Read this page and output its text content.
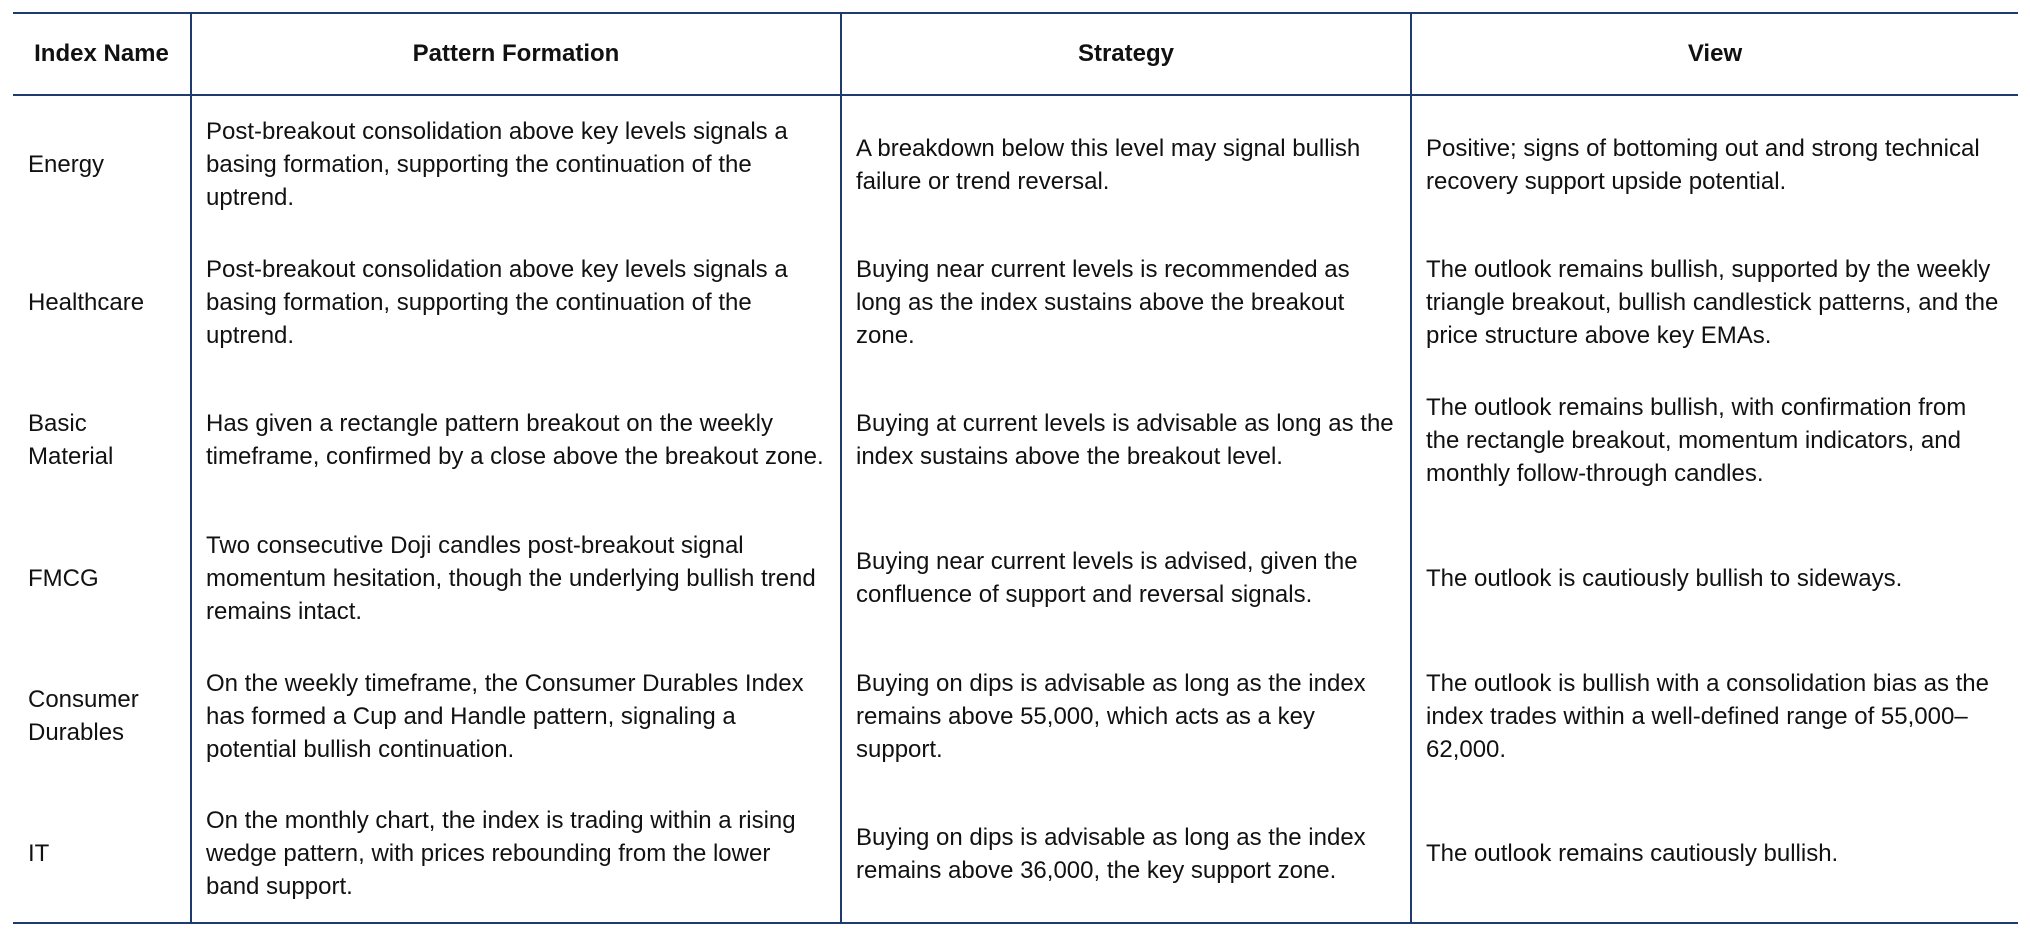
Index Name	Pattern Formation	Strategy	View
Energy	Post-breakout consolidation above key levels signals a basing formation, supporting the continuation of the uptrend.	A breakdown below this level may signal bullish failure or trend reversal.	Positive; signs of bottoming out and strong technical recovery support upside potential.
Healthcare	Post-breakout consolidation above key levels signals a basing formation, supporting the continuation of the uptrend.	Buying near current levels is recommended as long as the index sustains above the breakout zone.	The outlook remains bullish, supported by the weekly triangle breakout, bullish candlestick patterns, and the price structure above key EMAs.
Basic Material	Has given a rectangle pattern breakout on the weekly timeframe, confirmed by a close above the breakout zone.	Buying at current levels is advisable as long as the index sustains above the breakout level.	The outlook remains bullish, with confirmation from the rectangle breakout, momentum indicators, and monthly follow-through candles.
FMCG	Two consecutive Doji candles post-breakout signal momentum hesitation, though the underlying bullish trend remains intact.	Buying near current levels is advised, given the confluence of support and reversal signals.	The outlook is cautiously bullish to sideways.
Consumer Durables	On the weekly timeframe, the Consumer Durables Index has formed a Cup and Handle pattern, signaling a potential bullish continuation.	Buying on dips is advisable as long as the index remains above 55,000, which acts as a key support.	The outlook is bullish with a consolidation bias as the index trades within a well-defined range of 55,000–62,000.
IT	On the monthly chart, the index is trading within a rising wedge pattern, with prices rebounding from the lower band support.	Buying on dips is advisable as long as the index remains above 36,000, the key support zone.	The outlook remains cautiously bullish.
